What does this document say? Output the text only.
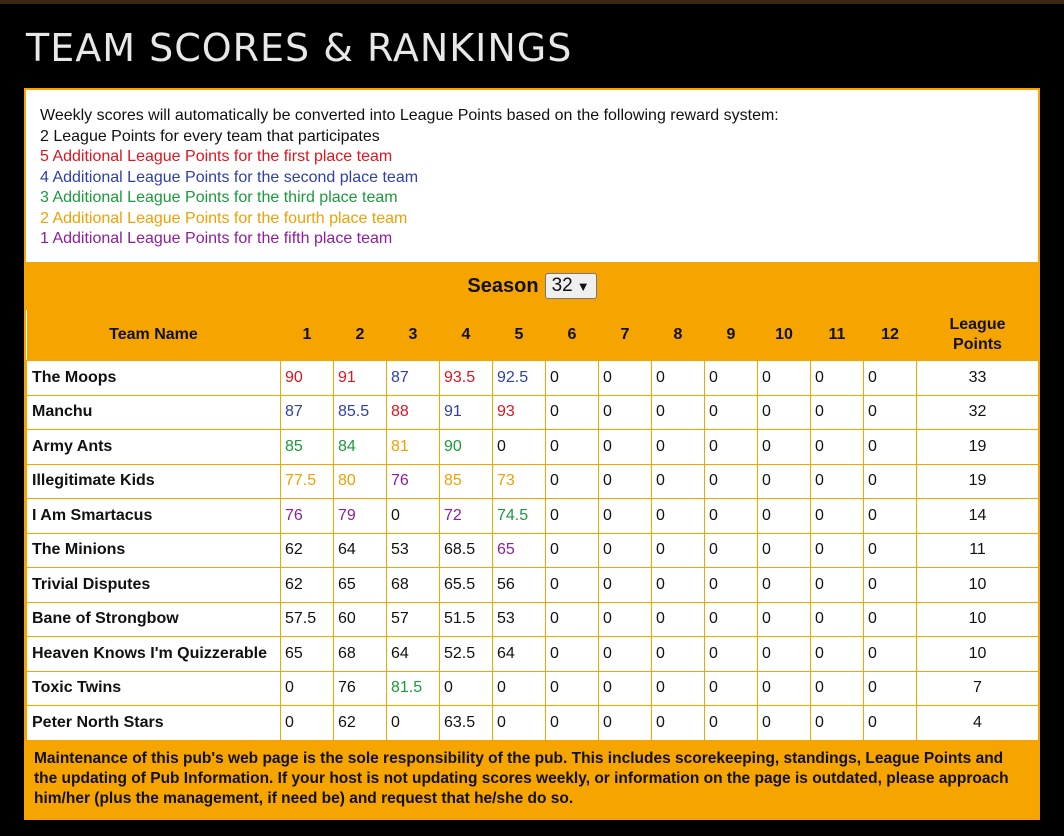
TEAM SCORES & RANKINGS
Weekly scores will automatically be converted into League Points based on the following reward system:
2 League Points for every team that participates
5 Additional League Points for the first place team
4 Additional League Points for the second place team
3 Additional League Points for the third place team
2 Additional League Points for the fourth place team
1 Additional League Points for the fifth place team
Season 32 ▼
Team Name	1	2	3	4	5	6	7	8	9	10	11	12	League Points
The Moops	90	91	87	93.5	92.5	0	0	0	0	0	0	0	33
Manchu	87	85.5	88	91	93	0	0	0	0	0	0	0	32
Army Ants	85	84	81	90	0	0	0	0	0	0	0	0	19
Illegitimate Kids	77.5	80	76	85	73	0	0	0	0	0	0	0	19
I Am Smartacus	76	79	0	72	74.5	0	0	0	0	0	0	0	14
The Minions	62	64	53	68.5	65	0	0	0	0	0	0	0	11
Trivial Disputes	62	65	68	65.5	56	0	0	0	0	0	0	0	10
Bane of Strongbow	57.5	60	57	51.5	53	0	0	0	0	0	0	0	10
Heaven Knows I'm Quizzerable	65	68	64	52.5	64	0	0	0	0	0	0	0	10
Toxic Twins	0	76	81.5	0	0	0	0	0	0	0	0	0	7
Peter North Stars	0	62	0	63.5	0	0	0	0	0	0	0	0	4
Maintenance of this pub's web page is the sole responsibility of the pub. This includes scorekeeping, standings, League Points and the updating of Pub Information. If your host is not updating scores weekly, or information on the page is outdated, please approach him/her (plus the management, if need be) and request that he/she do so.
